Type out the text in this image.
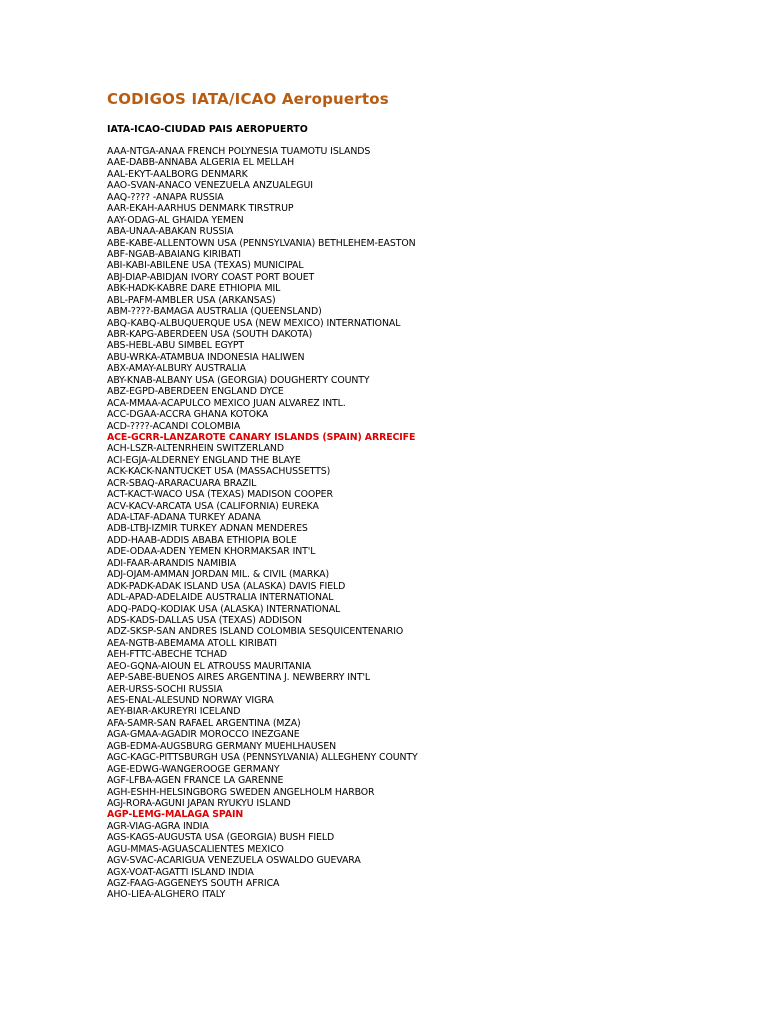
CODIGOS IATA/ICAO Aeropuertos
IATA-ICAO-CIUDAD PAIS AEROPUERTO
AAA-NTGA-ANAA FRENCH POLYNESIA TUAMOTU ISLANDS
AAE-DABB-ANNABA ALGERIA EL MELLAH
AAL-EKYT-AALBORG DENMARK
AAO-SVAN-ANACO VENEZUELA ANZUALEGUI
AAQ-???? -ANAPA RUSSIA
AAR-EKAH-AARHUS DENMARK TIRSTRUP
AAY-ODAG-AL GHAIDA YEMEN
ABA-UNAA-ABAKAN RUSSIA
ABE-KABE-ALLENTOWN USA (PENNSYLVANIA) BETHLEHEM-EASTON
ABF-NGAB-ABAIANG KIRIBATI
ABI-KABI-ABILENE USA (TEXAS) MUNICIPAL
ABJ-DIAP-ABIDJAN IVORY COAST PORT BOUET
ABK-HADK-KABRE DARE ETHIOPIA MIL
ABL-PAFM-AMBLER USA (ARKANSAS)
ABM-????-BAMAGA AUSTRALIA (QUEENSLAND)
ABQ-KABQ-ALBUQUERQUE USA (NEW MEXICO) INTERNATIONAL
ABR-KAPG-ABERDEEN USA (SOUTH DAKOTA)
ABS-HEBL-ABU SIMBEL EGYPT
ABU-WRKA-ATAMBUA INDONESIA HALIWEN
ABX-AMAY-ALBURY AUSTRALIA
ABY-KNAB-ALBANY USA (GEORGIA) DOUGHERTY COUNTY
ABZ-EGPD-ABERDEEN ENGLAND DYCE
ACA-MMAA-ACAPULCO MEXICO JUAN ALVAREZ INTL.
ACC-DGAA-ACCRA GHANA KOTOKA
ACD-????-ACANDI COLOMBIA
ACE-GCRR-LANZAROTE CANARY ISLANDS (SPAIN) ARRECIFE
ACH-LSZR-ALTENRHEIN SWITZERLAND
ACI-EGJA-ALDERNEY ENGLAND THE BLAYE
ACK-KACK-NANTUCKET USA (MASSACHUSSETTS)
ACR-SBAQ-ARARACUARA BRAZIL
ACT-KACT-WACO USA (TEXAS) MADISON COOPER
ACV-KACV-ARCATA USA (CALIFORNIA) EUREKA
ADA-LTAF-ADANA TURKEY ADANA
ADB-LTBJ-IZMIR TURKEY ADNAN MENDERES
ADD-HAAB-ADDIS ABABA ETHIOPIA BOLE
ADE-ODAA-ADEN YEMEN KHORMAKSAR INT'L
ADI-FAAR-ARANDIS NAMIBIA
ADJ-OJAM-AMMAN JORDAN MIL. & CIVIL (MARKA)
ADK-PADK-ADAK ISLAND USA (ALASKA) DAVIS FIELD
ADL-APAD-ADELAIDE AUSTRALIA INTERNATIONAL
ADQ-PADQ-KODIAK USA (ALASKA) INTERNATIONAL
ADS-KADS-DALLAS USA (TEXAS) ADDISON
ADZ-SKSP-SAN ANDRES ISLAND COLOMBIA SESQUICENTENARIO
AEA-NGTB-ABEMAMA ATOLL KIRIBATI
AEH-FTTC-ABECHE TCHAD
AEO-GQNA-AIOUN EL ATROUSS MAURITANIA
AEP-SABE-BUENOS AIRES ARGENTINA J. NEWBERRY INT'L
AER-URSS-SOCHI RUSSIA
AES-ENAL-ALESUND NORWAY VIGRA
AEY-BIAR-AKUREYRI ICELAND
AFA-SAMR-SAN RAFAEL ARGENTINA (MZA)
AGA-GMAA-AGADIR MOROCCO INEZGANE
AGB-EDMA-AUGSBURG GERMANY MUEHLHAUSEN
AGC-KAGC-PITTSBURGH USA (PENNSYLVANIA) ALLEGHENY COUNTY
AGE-EDWG-WANGEROOGE GERMANY
AGF-LFBA-AGEN FRANCE LA GARENNE
AGH-ESHH-HELSINGBORG SWEDEN ANGELHOLM HARBOR
AGJ-RORA-AGUNI JAPAN RYUKYU ISLAND
AGP-LEMG-MALAGA SPAIN
AGR-VIAG-AGRA INDIA
AGS-KAGS-AUGUSTA USA (GEORGIA) BUSH FIELD
AGU-MMAS-AGUASCALIENTES MEXICO
AGV-SVAC-ACARIGUA VENEZUELA OSWALDO GUEVARA
AGX-VOAT-AGATTI ISLAND INDIA
AGZ-FAAG-AGGENEYS SOUTH AFRICA
AHO-LIEA-ALGHERO ITALY
